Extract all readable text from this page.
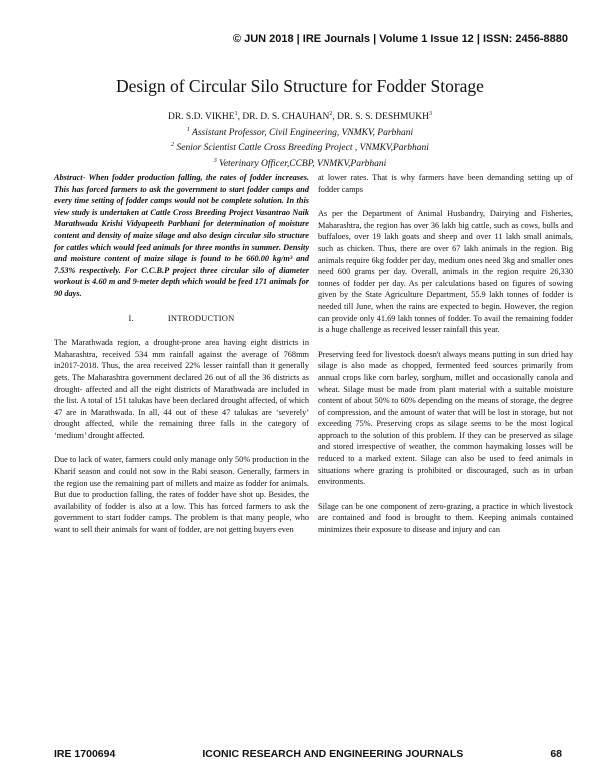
© JUN 2018 | IRE Journals | Volume 1 Issue 12 | ISSN: 2456-8880
Design of Circular Silo Structure for Fodder Storage
DR. S.D. VIKHE$^1$, DR. D. S. CHAUHAN$^2$, DR. S. S. DESHMUKH$^3$
$^1$ Assistant Professor, Civil Engineering, VNMKV, Parbhani
$^2$ Senior Scientist Cattle Cross Breeding Project , VNMKV,Parbhani
$^3$ Veterinary Officer,CCBP, VNMKV,Parbhani

Abstract- When fodder production falling, the rates of fodder increases. This has forced farmers to ask the government to start fodder camps and every time setting of fodder camps would not be complete solution. In this view study is undertaken at Cattle Cross Breeding Project Vasantrao Naik Marathwada Krishi Vidyapeeth Parbhani for determination of moisture content and density of maize silage and also design circular silo structure for cattles which would feed animals for three months in summer. Density and moisture content of maize silage is found to be 660.00 kg/m³ and 7.53% respectively. For C.C.B.P project three circular silo of diameter workout is 4.60 m and 9-meter depth which would be feed 171 animals for 90 days.

I.	INTRODUCTION

The Marathwada region, a drought-prone area having eight districts in Maharashtra, received 534 mm rainfall against the average of 768mm in2017-2018. Thus, the area received 22% lesser rainfall than it generally gets. The Maharashtra government declared 26 out of all the 36 districts as drought- affected and all the eight districts of Marathwada are included in the list. A total of 151 talukas have been declared drought affected, of which 47 are in Marathwada. In all, 44 out of these 47 talukas are ‘severely’ drought affected, while the remaining three falls in the category of ‘medium’ drought affected.

Due to lack of water, farmers could only manage only 50% production in the Kharif season and could not sow in the Rabi season. Generally, farmers in the region use the remaining part of millets and maize as fodder for animals. But due to production falling, the rates of fodder have shot up. Besides, the availability of fodder is also at a low. This has forced farmers to ask the government to start fodder camps. The problem is that many people, who want to sell their animals for want of fodder, are not getting buyers even

at lower rates. That is why farmers have been demanding setting up of fodder camps

As per the Department of Animal Husbandry, Dairying and Fisheries, Maharashtra, the region has over 36 lakh big cattle, such as cows, bulls and buffaloes, over 19 lakh goats and sheep and over 11 lakh small animals, such as chicken. Thus, there are over 67 lakh animals in the region. Big animals require 6kg fodder per day, medium ones need 3kg and smaller ones need 600 grams per day. Overall, animals in the region require 26,330 tonnes of fodder per day. As per calculations based on figures of sowing given by the State Agriculture Department, 55.9 lakh tonnes of fodder is needed till June, when the rains are expected to begin. However, the region can provide only 41.69 lakh tonnes of fodder. To avail the remaining fodder is a huge challenge as received lesser rainfall this year.

Preserving feed for livestock doesn't always means putting in sun dried hay silage is also made as chopped, fermented feed sources primarily from annual crops like corn barley, sorghum, millet and occasionally canola and wheat. Silage must be made from plant material with a suitable moisture content of about 50% to 60% depending on the means of storage, the degree of compression, and the amount of water that will be lost in storage, but not exceeding 75%. Preserving crops as silage seems to be the most logical approach to the solution of this problem. If they can be preserved as silage and stored irrespective of weather, the common haymaking losses will be reduced to a marked extent. Silage can also be used to feed animals in situations where grazing is prohibited or discouraged, such as in urban environments.

Silage can be one component of zero-grazing, a practice in which livestock are contained and food is brought to them. Keeping animals contained minimizes their exposure to disease and injury and can

IRE 1700694	ICONIC RESEARCH AND ENGINEERING JOURNALS	68
